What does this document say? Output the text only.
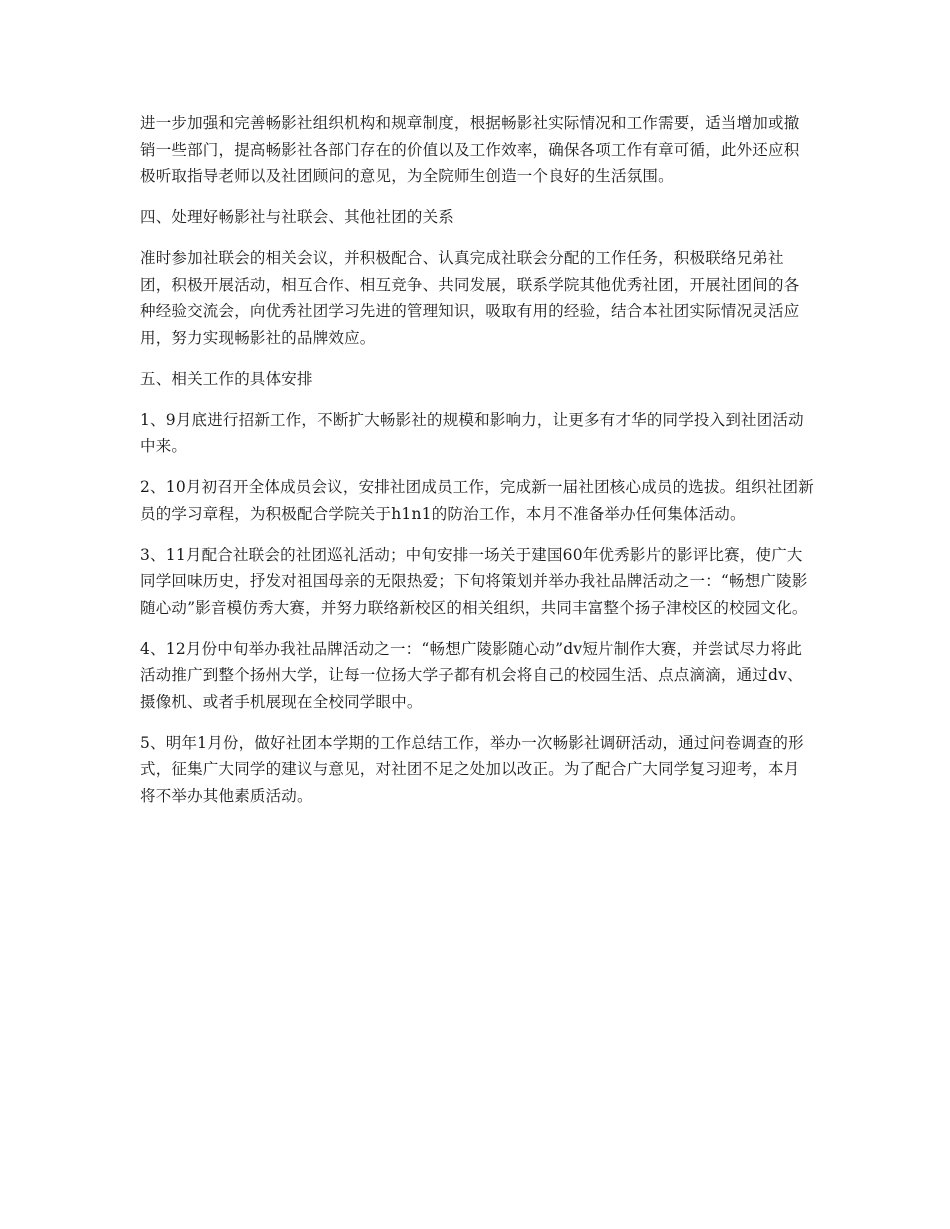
进一步加强和完善畅影社组织机构和规章制度，根据畅影社实际情况和工作需要，适当增加或撤销一些部门，提高畅影社各部门存在的价值以及工作效率，确保各项工作有章可循，此外还应积极听取指导老师以及社团顾问的意见，为全院师生创造一个良好的生活氛围。

四、处理好畅影社与社联会、其他社团的关系

准时参加社联会的相关会议，并积极配合、认真完成社联会分配的工作任务，积极联络兄弟社团，积极开展活动，相互合作、相互竞争、共同发展，联系学院其他优秀社团，开展社团间的各种经验交流会，向优秀社团学习先进的管理知识，吸取有用的经验，结合本社团实际情况灵活应用，努力实现畅影社的品牌效应。

五、相关工作的具体安排

1、9月底进行招新工作，不断扩大畅影社的规模和影响力，让更多有才华的同学投入到社团活动中来。

2、10月初召开全体成员会议，安排社团成员工作，完成新一届社团核心成员的选拔。组织社团新员的学习章程，为积极配合学院关于h1n1的防治工作，本月不准备举办任何集体活动。

3、11月配合社联会的社团巡礼活动；中旬安排一场关于建国60年优秀影片的影评比赛，使广大同学回味历史，抒发对祖国母亲的无限热爱；下旬将策划并举办我社品牌活动之一：“畅想广陵影随心动”影音模仿秀大赛，并努力联络新校区的相关组织，共同丰富整个扬子津校区的校园文化。

4、12月份中旬举办我社品牌活动之一：“畅想广陵影随心动”dv短片制作大赛，并尝试尽力将此活动推广到整个扬州大学，让每一位扬大学子都有机会将自己的校园生活、点点滴滴，通过dv、摄像机、或者手机展现在全校同学眼中。

5、明年1月份，做好社团本学期的工作总结工作，举办一次畅影社调研活动，通过问卷调查的形式，征集广大同学的建议与意见，对社团不足之处加以改正。为了配合广大同学复习迎考，本月将不举办其他素质活动。
